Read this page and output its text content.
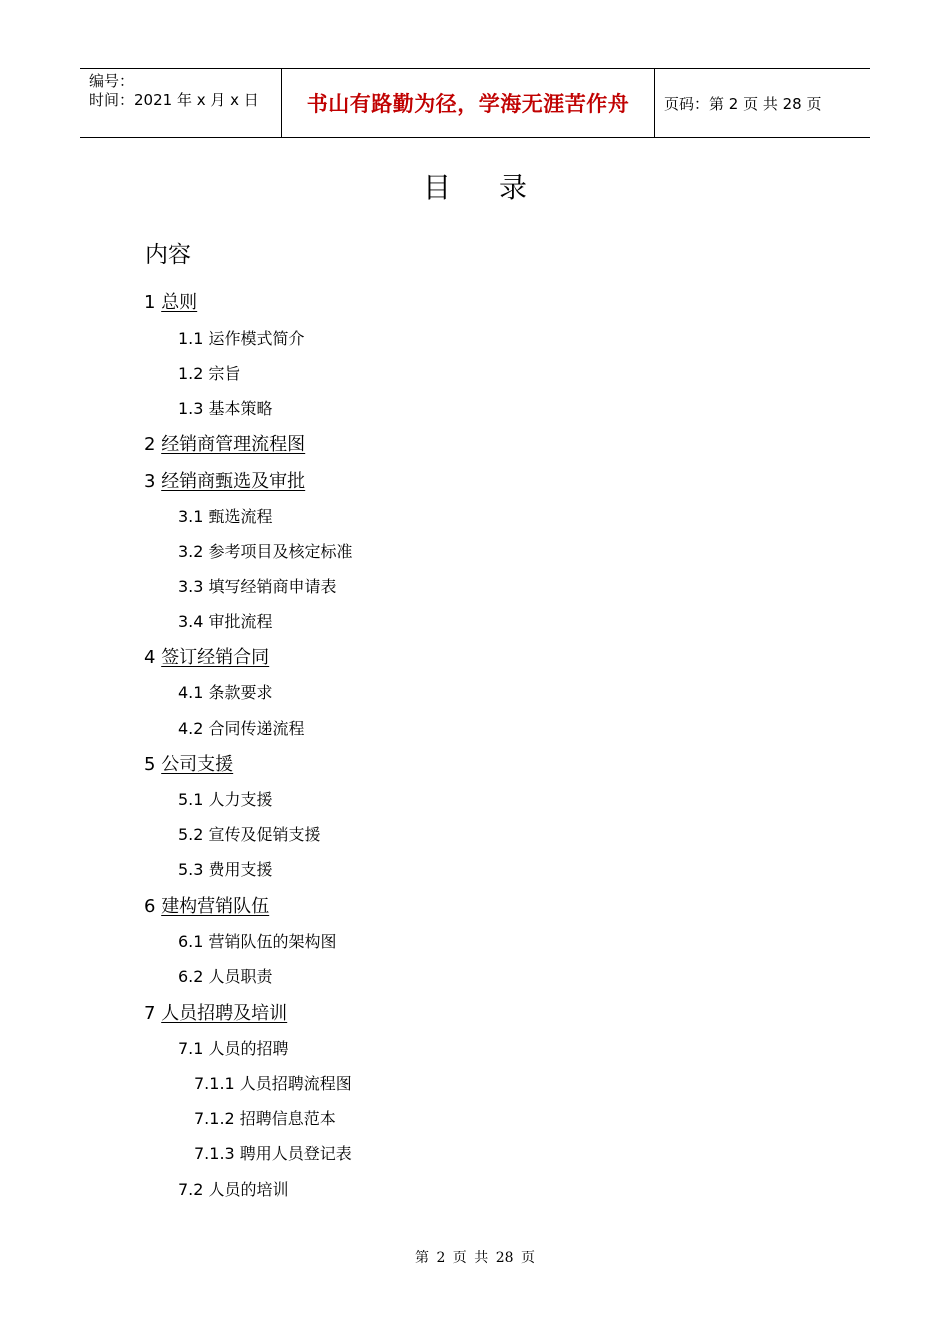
编号：
时间：2021 年 x 月 x 日	书山有路勤为径，学海无涯苦作舟 页码：第 2 页 共 28 页
目录
内容
1 总则
1.1 运作模式简介
1.2 宗旨
1.3 基本策略
2 经销商管理流程图
3 经销商甄选及审批
3.1 甄选流程
3.2 参考项目及核定标准
3.3 填写经销商申请表
3.4 审批流程
4 签订经销合同
4.1 条款要求
4.2 合同传递流程
5 公司支援
5.1 人力支援
5.2 宣传及促销支援
5.3 费用支援
6 建构营销队伍
6.1 营销队伍的架构图
6.2 人员职责
7 人员招聘及培训
7.1 人员的招聘
7.1.1 人员招聘流程图
7.1.2 招聘信息范本
7.1.3 聘用人员登记表
7.2 人员的培训
第 2 页 共 28 页
